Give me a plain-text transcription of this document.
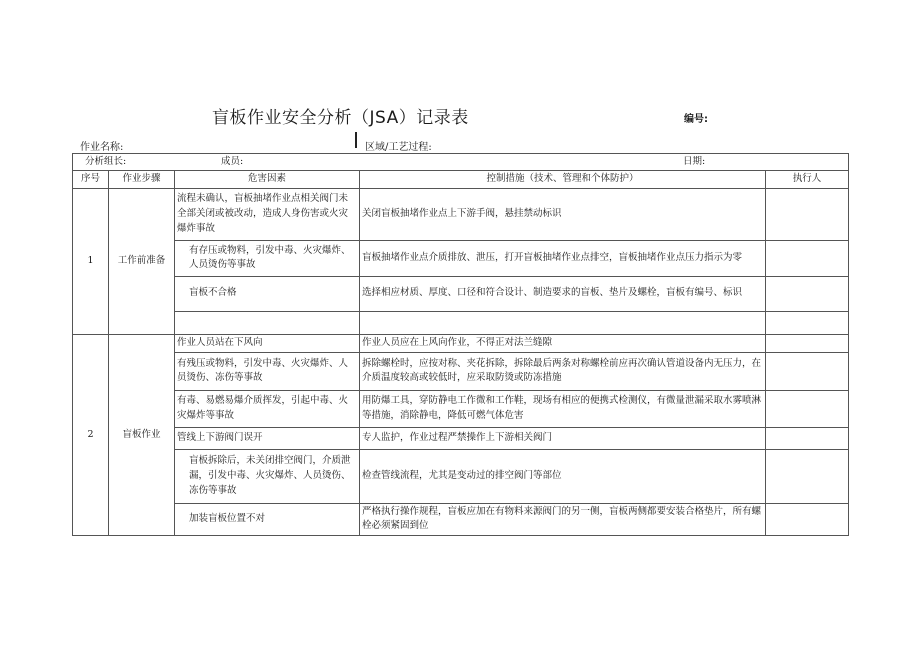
盲板作业安全分析（JSA）记录表	编号:
作业名称:	区域/工艺过程:
分析组长: 成员: 日期:				

序号	作业步骤	危害因素	控制措施（技术、管理和个体防护）	执行人
1	工作前准备	流程未确认，盲板抽堵作业点相关阀门未全部关闭或被改动，造成人身伤害或火灾爆炸事故	关闭盲板抽堵作业点上下游手阀，悬挂禁动标识	
		有存压或物料，引发中毒、火灾爆炸、人员烫伤等事故	盲板抽堵作业点介质排放、泄压，打开盲板抽堵作业点排空，盲板抽堵作业点压力指示为零	
		盲板不合格	选择相应材质、厚度、口径和符合设计、制造要求的盲板、垫片及螺栓，盲板有编号、标识	

2	盲板作业	作业人员站在下风向	作业人员应在上风向作业，不得正对法兰缝隙	
		有残压或物料，引发中毒、火灾爆炸、人员烫伤、冻伤等事故	拆除螺栓时，应按对称、夹花拆除，拆除最后两条对称螺栓前应再次确认管道设备内无压力，在介质温度较高或较低时，应采取防烫或防冻措施	
		有毒、易燃易爆介质挥发，引起中毒、火灾爆炸等事故	用防爆工具，穿防静电工作微和工作鞋，现场有相应的便携式检测仪，有微量泄漏采取水雾喷淋等措施，消除静电，降低可燃气体危害	
		管线上下游阀门误开	专人监护，作业过程严禁操作上下游相关阀门	
		盲板拆除后，未关闭排空阀门，介质泄漏，引发中毒、火灾爆炸、人员烫伤、冻伤等事故	检查管线流程，尤其是变动过的排空阀门等部位	
		加装盲板位置不对	严格执行操作规程，盲板应加在有物料来源阀门的另一侧，盲板两侧都要安装合格垫片，所有螺栓必须紧固到位	
